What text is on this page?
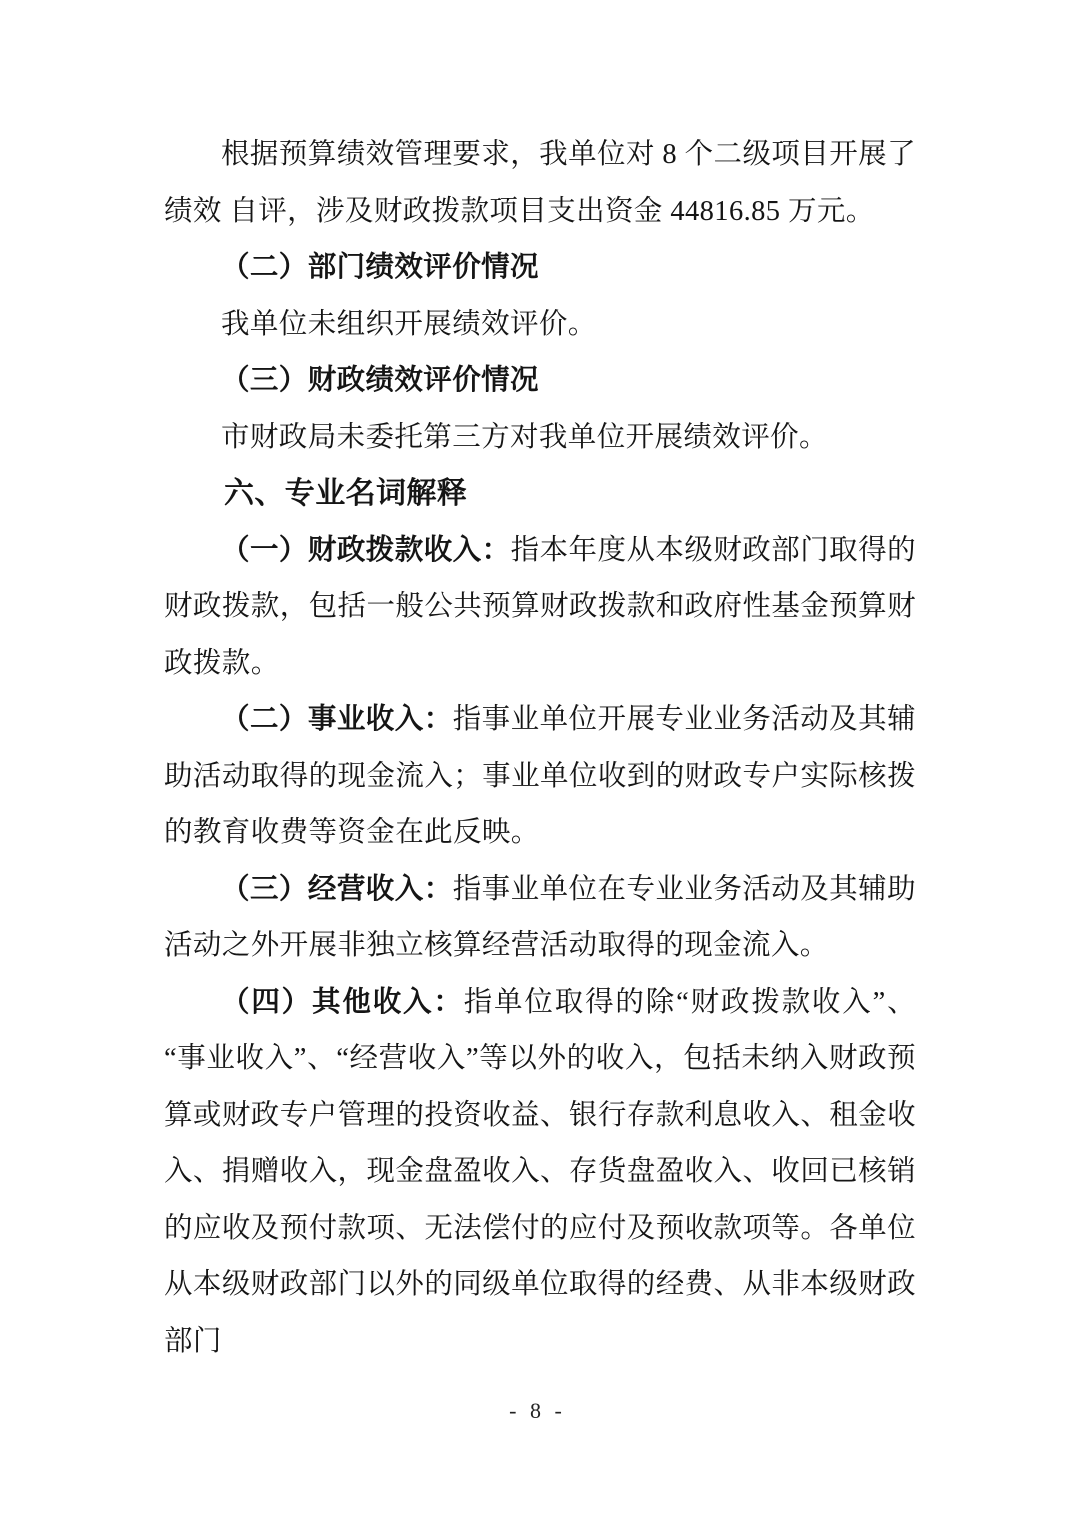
根据预算绩效管理要求，我单位对 8 个二级项目开展了绩效 自评，涉及财政拨款项目支出资金 44816.85 万元。

（二）部门绩效评价情况

我单位未组织开展绩效评价。

（三）财政绩效评价情况

市财政局未委托第三方对我单位开展绩效评价。

六、专业名词解释

（一）财政拨款收入：指本年度从本级财政部门取得的财政拨款，包括一般公共预算财政拨款和政府性基金预算财政拨款。

（二）事业收入：指事业单位开展专业业务活动及其辅助活动取得的现金流入；事业单位收到的财政专户实际核拨的教育收费等资金在此反映。

（三）经营收入：指事业单位在专业业务活动及其辅助活动之外开展非独立核算经营活动取得的现金流入。

（四）其他收入：指单位取得的除“财政拨款收入”、“事业收入”、“经营收入”等以外的收入，包括未纳入财政预算或财政专户管理的投资收益、银行存款利息收入、租金收入、捐赠收入，现金盘盈收入、存货盘盈收入、收回已核销的应收及预付款项、无法偿付的应付及预收款项等。各单位从本级财政部门以外的同级单位取得的经费、从非本级财政部门

- 8 -
